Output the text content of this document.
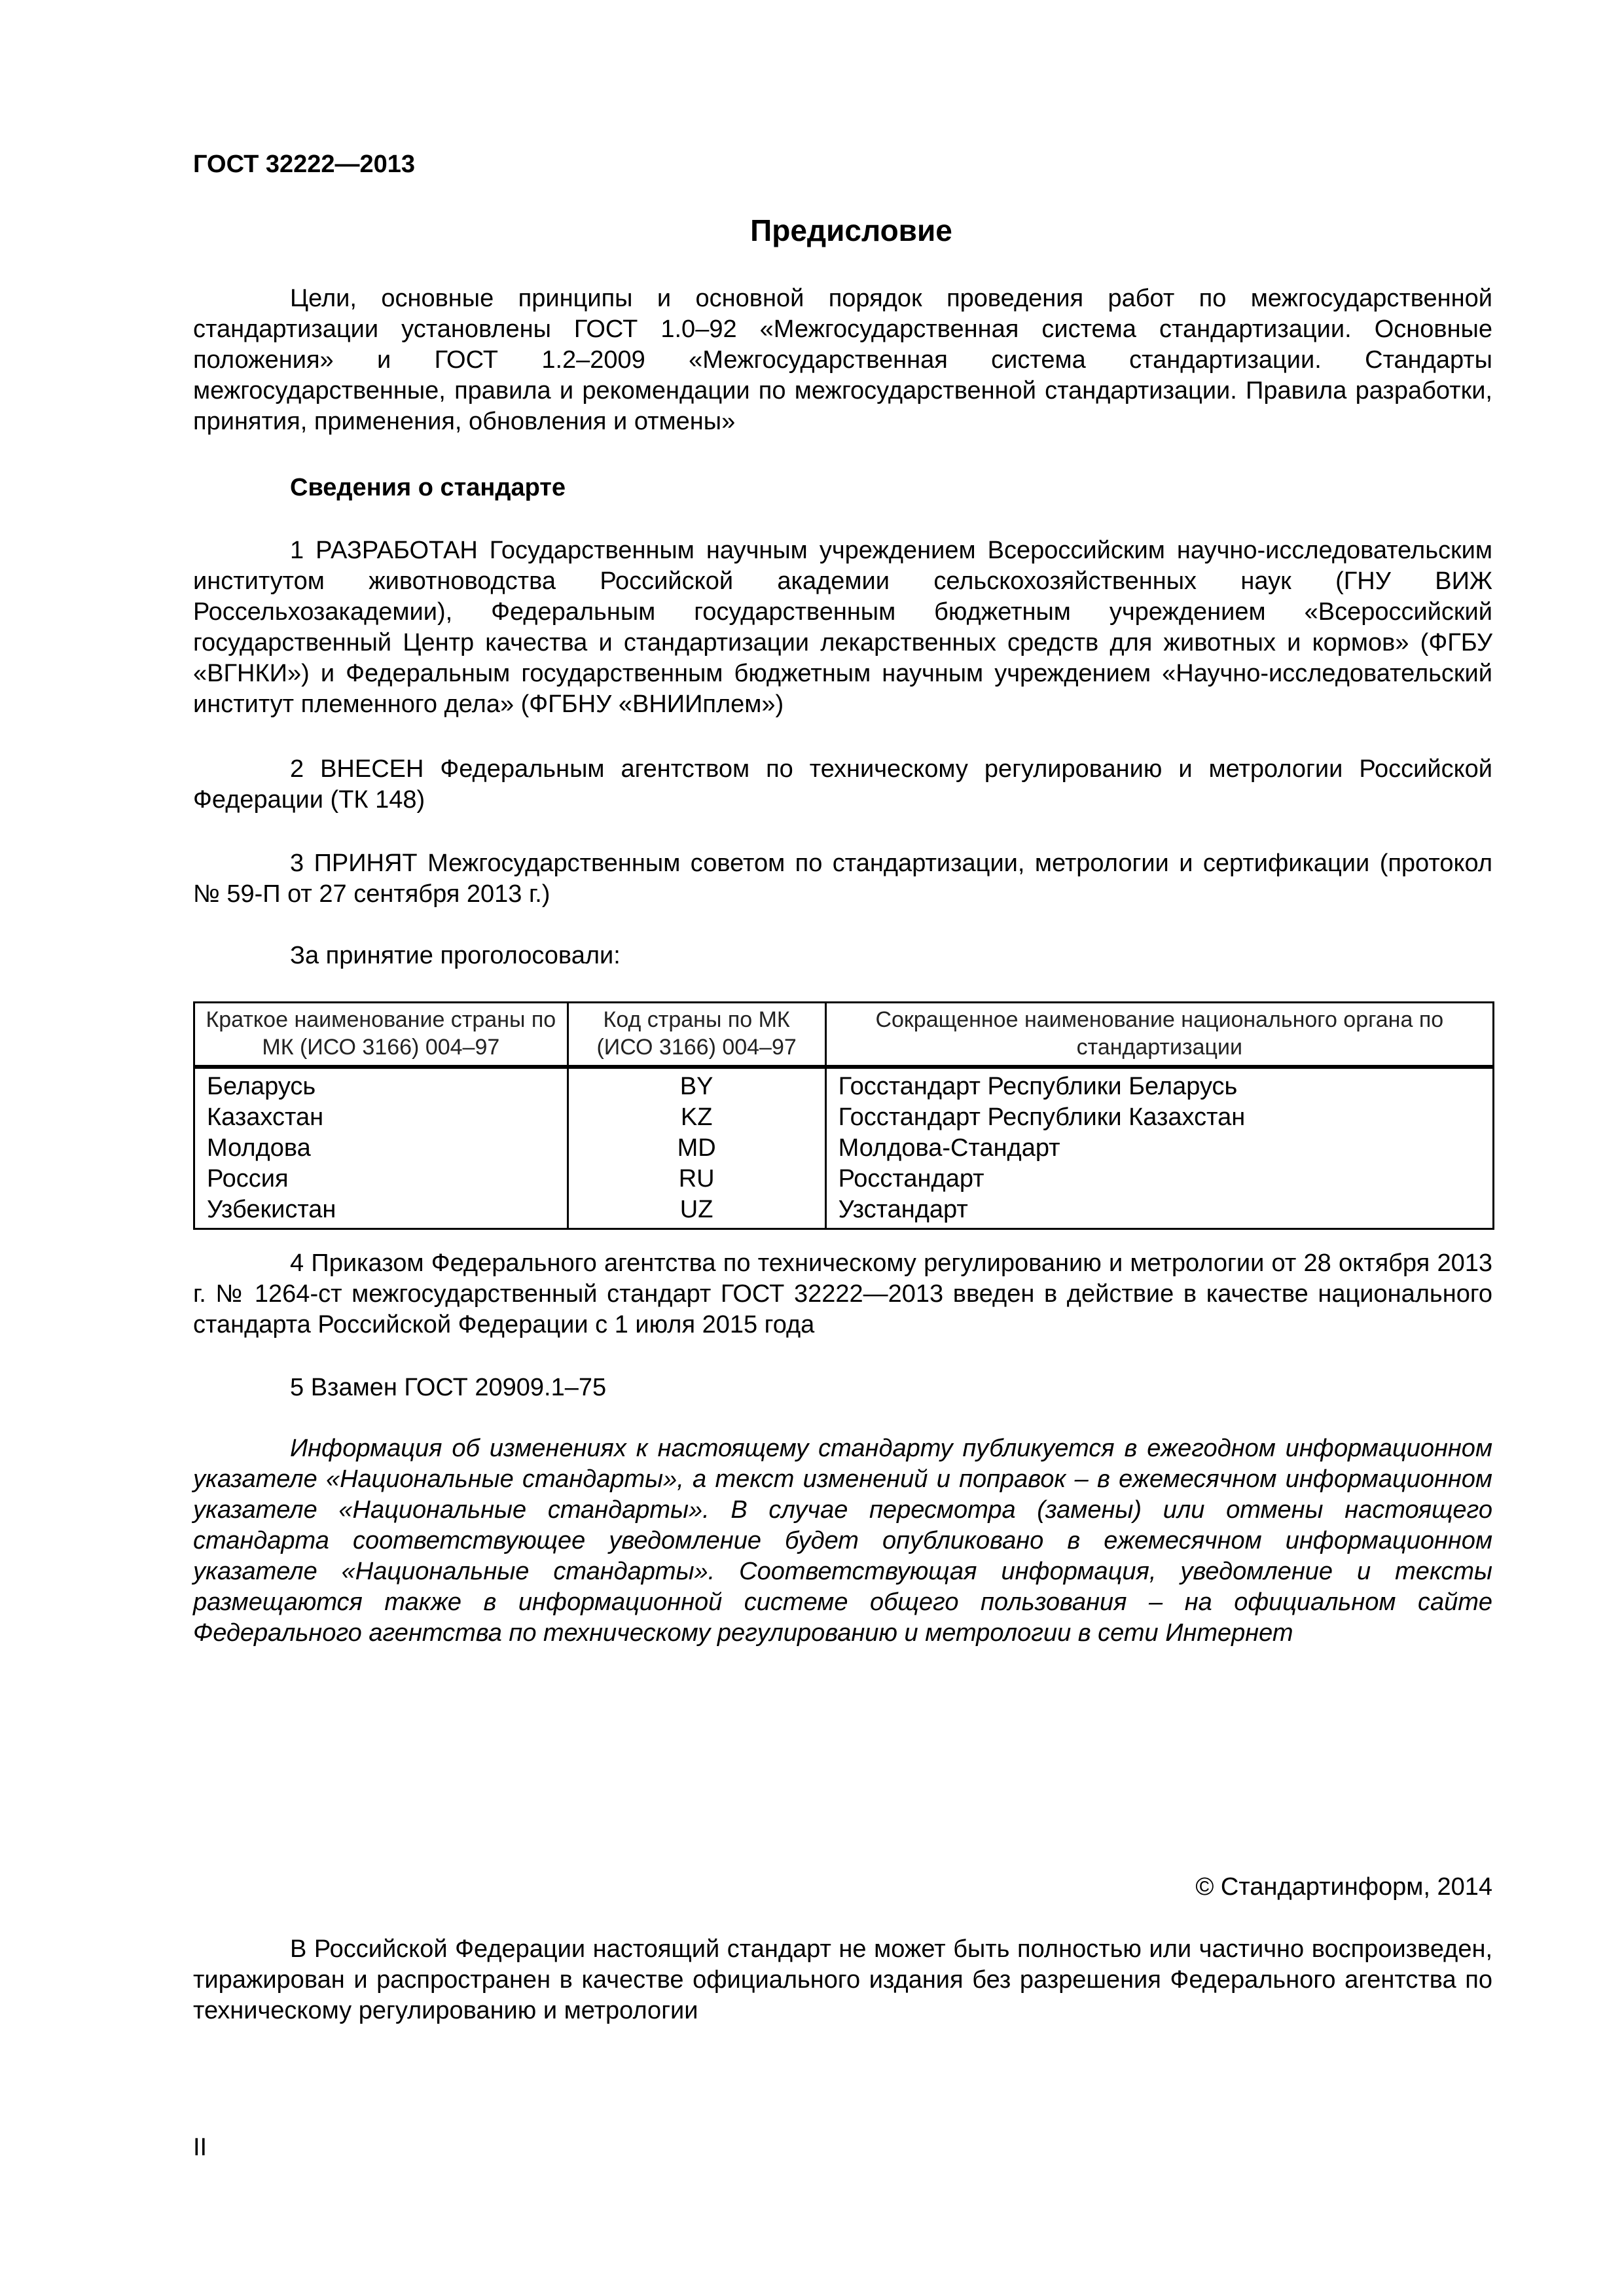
ГОСТ 32222—2013
Предисловие
Цели, основные принципы и основной порядок проведения работ по межгосударственной стандартизации установлены ГОСТ 1.0–92 «Межгосударственная система стандартизации. Основные положения» и ГОСТ 1.2–2009 «Межгосударственная система стандартизации. Стандарты межгосударственные, правила и рекомендации по межгосударственной стандартизации. Правила разработки, принятия, применения, обновления и отмены»
Сведения о стандарте
1 РАЗРАБОТАН Государственным научным учреждением Всероссийским научно-исследовательским институтом животноводства Российской академии сельскохозяйственных наук (ГНУ ВИЖ Россельхозакадемии), Федеральным государственным бюджетным учреждением «Всероссийский государственный Центр качества и стандартизации лекарственных средств для животных и кормов» (ФГБУ «ВГНКИ») и Федеральным государственным бюджетным научным учреждением «Научно-исследовательский институт племенного дела» (ФГБНУ «ВНИИплем»)
2 ВНЕСЕН Федеральным агентством по техническому регулированию и метрологии Российской Федерации (ТК 148)
3 ПРИНЯТ Межгосударственным советом по стандартизации, метрологии и сертификации (протокол № 59-П от 27 сентября 2013 г.)
За принятие проголосовали:
Краткое наименование страны по МК (ИСО 3166) 004–97	Код страны по МК (ИСО 3166) 004–97	Сокращенное наименование национального органа по стандартизации
Беларусь	BY	Госстандарт Республики Беларусь
Казахстан	KZ	Госстандарт Республики Казахстан
Молдова	MD	Молдова-Стандарт
Россия	RU	Росстандарт
Узбекистан	UZ	Узстандарт
4 Приказом Федерального агентства по техническому регулированию и метрологии от 28 октября 2013 г. № 1264-ст межгосударственный стандарт ГОСТ 32222—2013 введен в действие в качестве национального стандарта Российской Федерации с 1 июля 2015 года
5 Взамен ГОСТ 20909.1–75
Информация об изменениях к настоящему стандарту публикуется в ежегодном информационном указателе «Национальные стандарты», а текст изменений и поправок – в ежемесячном информационном указателе «Национальные стандарты». В случае пересмотра (замены) или отмены настоящего стандарта соответствующее уведомление будет опубликовано в ежемесячном информационном указателе «Национальные стандарты». Соответствующая информация, уведомление и тексты размещаются также в информационной системе общего пользования – на официальном сайте Федерального агентства по техническому регулированию и метрологии в сети Интернет
© Стандартинформ, 2014
В Российской Федерации настоящий стандарт не может быть полностью или частично воспроизведен, тиражирован и распространен в качестве официального издания без разрешения Федерального агентства по техническому регулированию и метрологии
II
